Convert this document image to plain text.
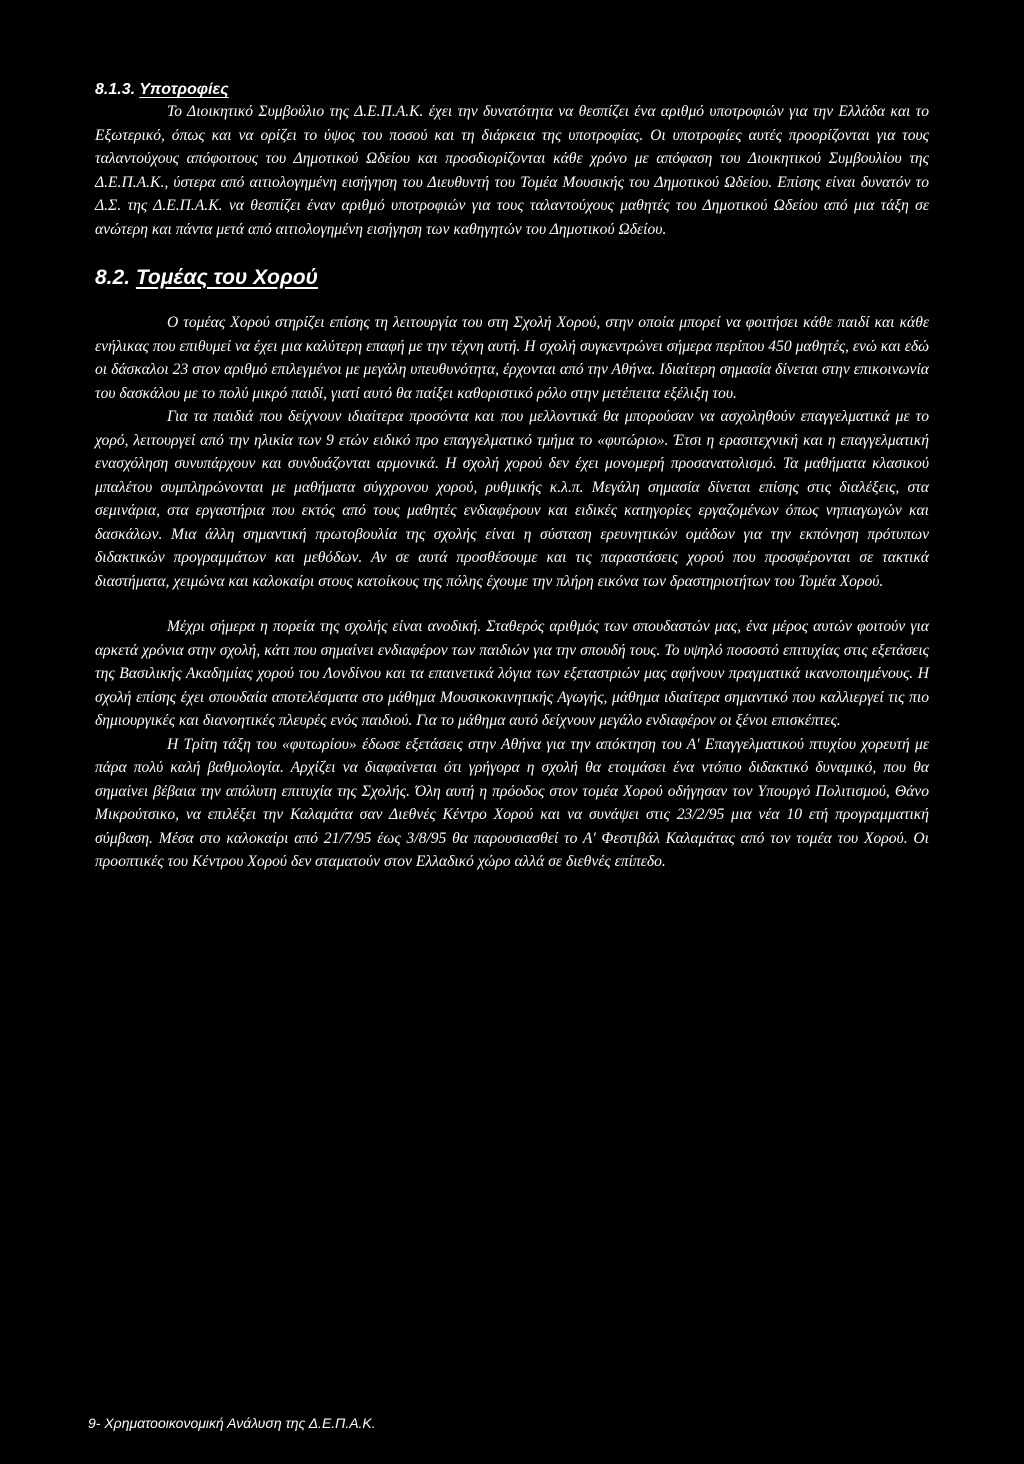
8.1.3. Υποτροφίες

Το Διοικητικό Συμβούλιο της Δ.Ε.Π.Α.Κ. έχει την δυνατότητα να θεσπίζει ένα αριθμό υποτροφιών για την Ελλάδα και το Εξωτερικό, όπως και να ορίζει το ύψος του ποσού και τη διάρκεια της υποτροφίας. Οι υποτροφίες αυτές προορίζονται για τους ταλαντούχους απόφοιτους του Δημοτικού Ωδείου και προσδιορίζονται κάθε χρόνο με απόφαση του Διοικητικού Συμβουλίου της Δ.Ε.Π.Α.Κ., ύστερα από αιτιολογημένη εισήγηση του Διευθυντή του Τομέα Μουσικής του Δημοτικού Ωδείου. Επίσης είναι δυνατόν το Δ.Σ. της Δ.Ε.Π.Α.Κ. να θεσπίζει έναν αριθμό υποτροφιών για τους ταλαντούχους μαθητές του Δημοτικού Ωδείου από μια τάξη σε ανώτερη και πάντα μετά από αιτιολογημένη εισήγηση των καθηγητών του Δημοτικού Ωδείου.

8.2. Τομέας του Χορού

Ο τομέας Χορού στηρίζει επίσης τη λειτουργία του στη Σχολή Χορού, στην οποία μπορεί να φοιτήσει κάθε παιδί και κάθε ενήλικας που επιθυμεί να έχει μια καλύτερη επαφή με την τέχνη αυτή. Η σχολή συγκεντρώνει σήμερα περίπου 450 μαθητές, ενώ και εδώ οι δάσκαλοι 23 στον αριθμό επιλεγμένοι με μεγάλη υπευθυνότητα, έρχονται από την Αθήνα. Ιδιαίτερη σημασία δίνεται στην επικοινωνία του δασκάλου με το πολύ μικρό παιδί, γιατί αυτό θα παίξει καθοριστικό ρόλο στην μετέπειτα εξέλιξη του.

Για τα παιδιά που δείχνουν ιδιαίτερα προσόντα και που μελλοντικά θα μπορούσαν να ασχοληθούν επαγγελματικά με το χορό, λειτουργεί από την ηλικία των 9 ετών ειδικό προ επαγγελματικό τμήμα το «φυτώριο». Έτσι η ερασιτεχνική και η επαγγελματική ενασχόληση συνυπάρχουν και συνδυάζονται αρμονικά. Η σχολή χορού δεν έχει μονομερή προσανατολισμό. Τα μαθήματα κλασικού μπαλέτου συμπληρώνονται με μαθήματα σύγχρονου χορού, ρυθμικής κ.λ.π. Μεγάλη σημασία δίνεται επίσης στις διαλέξεις, στα σεμινάρια, στα εργαστήρια που εκτός από τους μαθητές ενδιαφέρουν και ειδικές κατηγορίες εργαζομένων όπως νηπιαγωγών και δασκάλων. Μια άλλη σημαντική πρωτοβουλία της σχολής είναι η σύσταση ερευνητικών ομάδων για την εκπόνηση πρότυπων διδακτικών προγραμμάτων και μεθόδων. Αν σε αυτά προσθέσουμε και τις παραστάσεις χορού που προσφέρονται σε τακτικά διαστήματα, χειμώνα και καλοκαίρι στους κατοίκους της πόλης έχουμε την πλήρη εικόνα των δραστηριοτήτων του Τομέα Χορού.

Μέχρι σήμερα η πορεία της σχολής είναι ανοδική. Σταθερός αριθμός των σπουδαστών μας, ένα μέρος αυτών φοιτούν για αρκετά χρόνια στην σχολή, κάτι που σημαίνει ενδιαφέρον των παιδιών για την σπουδή τους. Το υψηλό ποσοστό επιτυχίας στις εξετάσεις της Βασιλικής Ακαδημίας χορού του Λονδίνου και τα επαινετικά λόγια των εξεταστριών μας αφήνουν πραγματικά ικανοποιημένους. Η σχολή επίσης έχει σπουδαία αποτελέσματα στο μάθημα Μουσικοκινητικής Αγωγής, μάθημα ιδιαίτερα σημαντικό που καλλιεργεί τις πιο δημιουργικές και διανοητικές πλευρές ενός παιδιού. Για το μάθημα αυτό δείχνουν μεγάλο ενδιαφέρον οι ξένοι επισκέπτες.

Η Τρίτη τάξη του «φυτωρίου» έδωσε εξετάσεις στην Αθήνα για την απόκτηση του Α' Επαγγελματικού πτυχίου χορευτή με πάρα πολύ καλή βαθμολογία. Αρχίζει να διαφαίνεται ότι γρήγορα η σχολή θα ετοιμάσει ένα ντόπιο διδακτικό δυναμικό, που θα σημαίνει βέβαια την απόλυτη επιτυχία της Σχολής. Όλη αυτή η πρόοδος στον τομέα Χορού οδήγησαν τον Υπουργό Πολιτισμού, Θάνο Μικρούτσικο, να επιλέξει την Καλαμάτα σαν Διεθνές Κέντρο Χορού και να συνάψει στις 23/2/95 μια νέα 10 ετή προγραμματική σύμβαση. Μέσα στο καλοκαίρι από 21/7/95 έως 3/8/95 θα παρουσιασθεί το Α' Φεστιβάλ Καλαμάτας από τον τομέα του Χορού. Οι προοπτικές του Κέντρου Χορού δεν σταματούν στον Ελλαδικό χώρο αλλά σε διεθνές επίπεδο.

9- Χρηματοοικονομική Ανάλυση της Δ.Ε.Π.Α.Κ.
